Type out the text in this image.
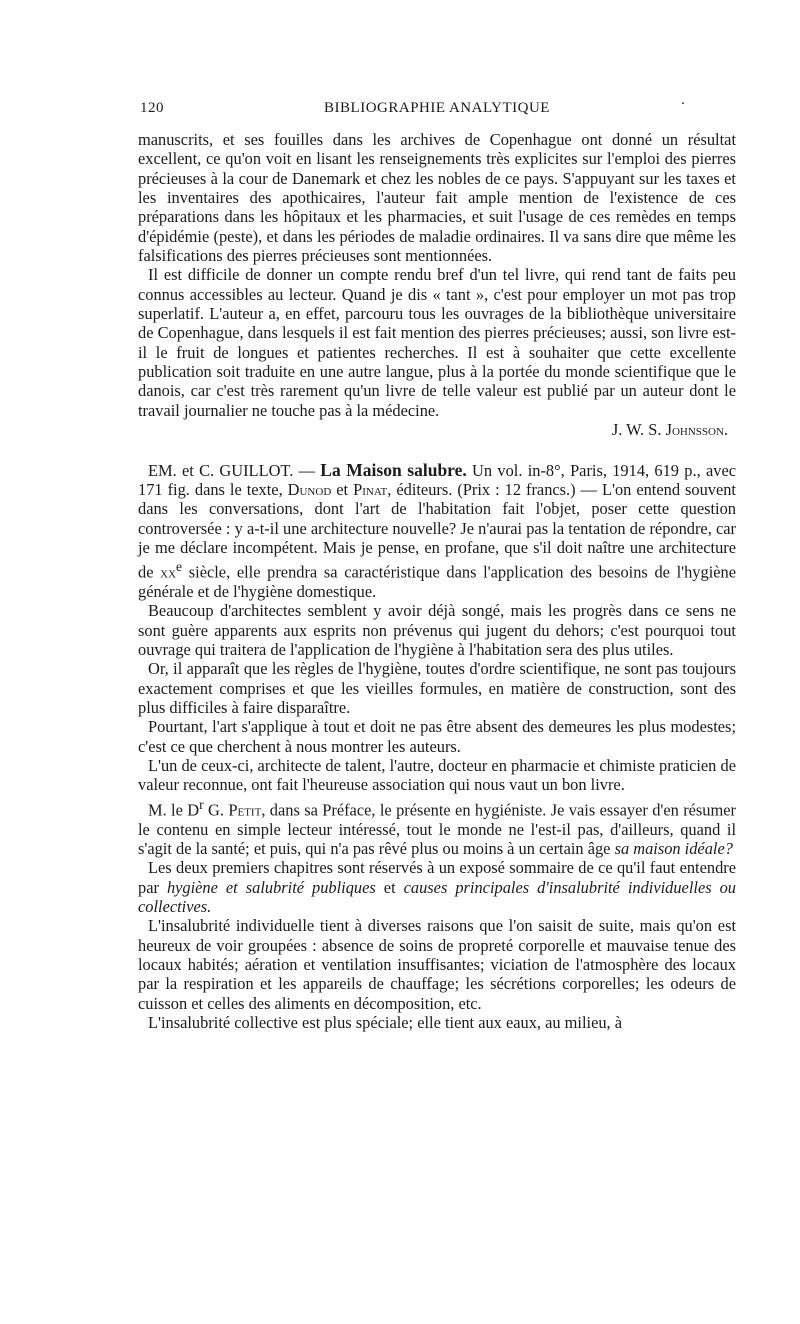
120	BIBLIOGRAPHIE ANALYTIQUE	·

manuscrits, et ses fouilles dans les archives de Copenhague ont donné un résultat excellent, ce qu'on voit en lisant les renseignements très explicites sur l'emploi des pierres précieuses à la cour de Danemark et chez les nobles de ce pays. S'appuyant sur les taxes et les inventaires des apothicaires, l'auteur fait ample mention de l'existence de ces préparations dans les hôpitaux et les pharmacies, et suit l'usage de ces remèdes en temps d'épidémie (peste), et dans les périodes de maladie ordinaires. Il va sans dire que même les falsifications des pierres précieuses sont mentionnées.

Il est difficile de donner un compte rendu bref d'un tel livre, qui rend tant de faits peu connus accessibles au lecteur. Quand je dis « tant », c'est pour employer un mot pas trop superlatif. L'auteur a, en effet, parcouru tous les ouvrages de la bibliothèque universitaire de Copenhague, dans lesquels il est fait mention des pierres précieuses; aussi, son livre est-il le fruit de longues et patientes recherches. Il est à souhaiter que cette excellente publication soit traduite en une autre langue, plus à la portée du monde scientifique que le danois, car c'est très rarement qu'un livre de telle valeur est publié par un auteur dont le travail journalier ne touche pas à la médecine.

J. W. S. Johnsson.

EM. et C. GUILLOT. — La Maison salubre. Un vol. in-8°, Paris, 1914, 619 p., avec 171 fig. dans le texte, Dunod et Pinat, éditeurs. (Prix : 12 francs.) — L'on entend souvent dans les conversations, dont l'art de l'habitation fait l'objet, poser cette question controversée : y a-t-il une architecture nouvelle? Je n'aurai pas la tentation de répondre, car je me déclare incompétent. Mais je pense, en profane, que s'il doit naître une architecture de $xx^e$ siècle, elle prendra sa caractéristique dans l'application des besoins de l'hygiène générale et de l'hygiène domestique.

Beaucoup d'architectes semblent y avoir déjà songé, mais les progrès dans ce sens ne sont guère apparents aux esprits non prévenus qui jugent du dehors; c'est pourquoi tout ouvrage qui traitera de l'application de l'hygiène à l'habitation sera des plus utiles.

Or, il apparaît que les règles de l'hygiène, toutes d'ordre scientifique, ne sont pas toujours exactement comprises et que les vieilles formules, en matière de construction, sont des plus difficiles à faire disparaître.

Pourtant, l'art s'applique à tout et doit ne pas être absent des demeures les plus modestes; c'est ce que cherchent à nous montrer les auteurs.

L'un de ceux-ci, architecte de talent, l'autre, docteur en pharmacie et chimiste praticien de valeur reconnue, ont fait l'heureuse association qui nous vaut un bon livre.

M. le $D^r$ G. Petit, dans sa Préface, le présente en hygiéniste. Je vais essayer d'en résumer le contenu en simple lecteur intéressé, tout le monde ne l'est-il pas, d'ailleurs, quand il s'agit de la santé; et puis, qui n'a pas rêvé plus ou moins à un certain âge sa maison idéale?

Les deux premiers chapitres sont réservés à un exposé sommaire de ce qu'il faut entendre par hygiène et salubrité publiques et causes principales d'insalubrité individuelles ou collectives.

L'insalubrité individuelle tient à diverses raisons que l'on saisit de suite, mais qu'on est heureux de voir groupées : absence de soins de propreté corporelle et mauvaise tenue des locaux habités; aération et ventilation insuffisantes; viciation de l'atmosphère des locaux par la respiration et les appareils de chauffage; les sécrétions corporelles; les odeurs de cuisson et celles des aliments en décomposition, etc.

L'insalubrité collective est plus spéciale; elle tient aux eaux, au milieu, à
